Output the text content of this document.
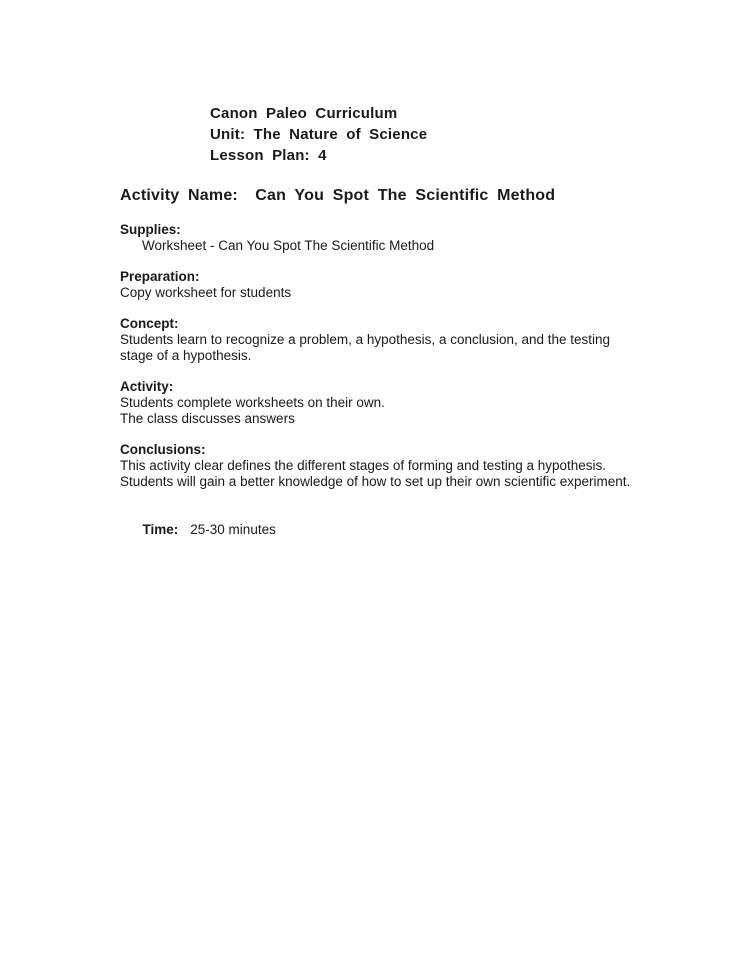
Canon Paleo Curriculum
Unit: The Nature of Science
Lesson Plan: 4
Activity Name:  Can You Spot The Scientific Method
Supplies:
Worksheet - Can You Spot The Scientific Method
Preparation:
Copy worksheet for students
Concept:
Students learn to recognize a problem, a hypothesis, a conclusion, and the testing
stage of a hypothesis.
Activity:
Students complete worksheets on their own.
The class discusses answers
Conclusions:
This activity clear defines the different stages of forming and testing a hypothesis.
Students will gain a better knowledge of how to set up their own scientific experiment.

Time: 25-30 minutes
